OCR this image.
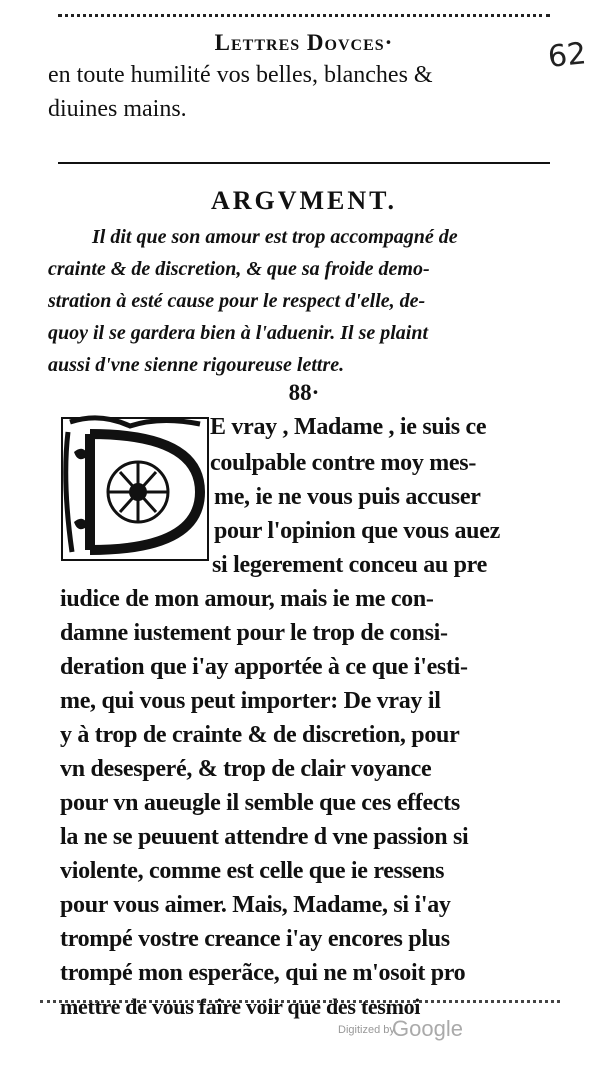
Lettres Dovces·	62
en toute humilité vos belles, blanches &
diuines mains.
ARGVMENT.
Il dit que son amour est trop accompagné de
crainte & de discretion, & que sa froide demo-
stration à esté cause pour le respect d'elle, de-
quoy il se gardera bien à l'aduenir. Il se plaint
aussi d'vne sienne rigoureuse lettre.
88·
D
E vray , Madame , ie suis ce
coulpable contre moy mes-
me, ie ne vous puis accuser
pour l'opinion que vous auez
si legerement conceu au pre
iudice de mon amour, mais ie me con-
damne iustement pour le trop de consi-
deration que i'ay apportée à ce que i'esti-
me, qui vous peut importer: De vray il
y à trop de crainte & de discretion, pour
vn desesperé, & trop de clair voyance
pour vn aueugle il semble que ces effects
la ne se peuuent attendre d vne passion si
violente, comme est celle que ie ressens
pour vous aimer. Mais, Madame, si i'ay
trompé vostre creance i'ay encores plus
trompé mon esperãce, qui ne m'osoit pro
mettre de vous faire voir que des tesmoi
Digitized by
Google
